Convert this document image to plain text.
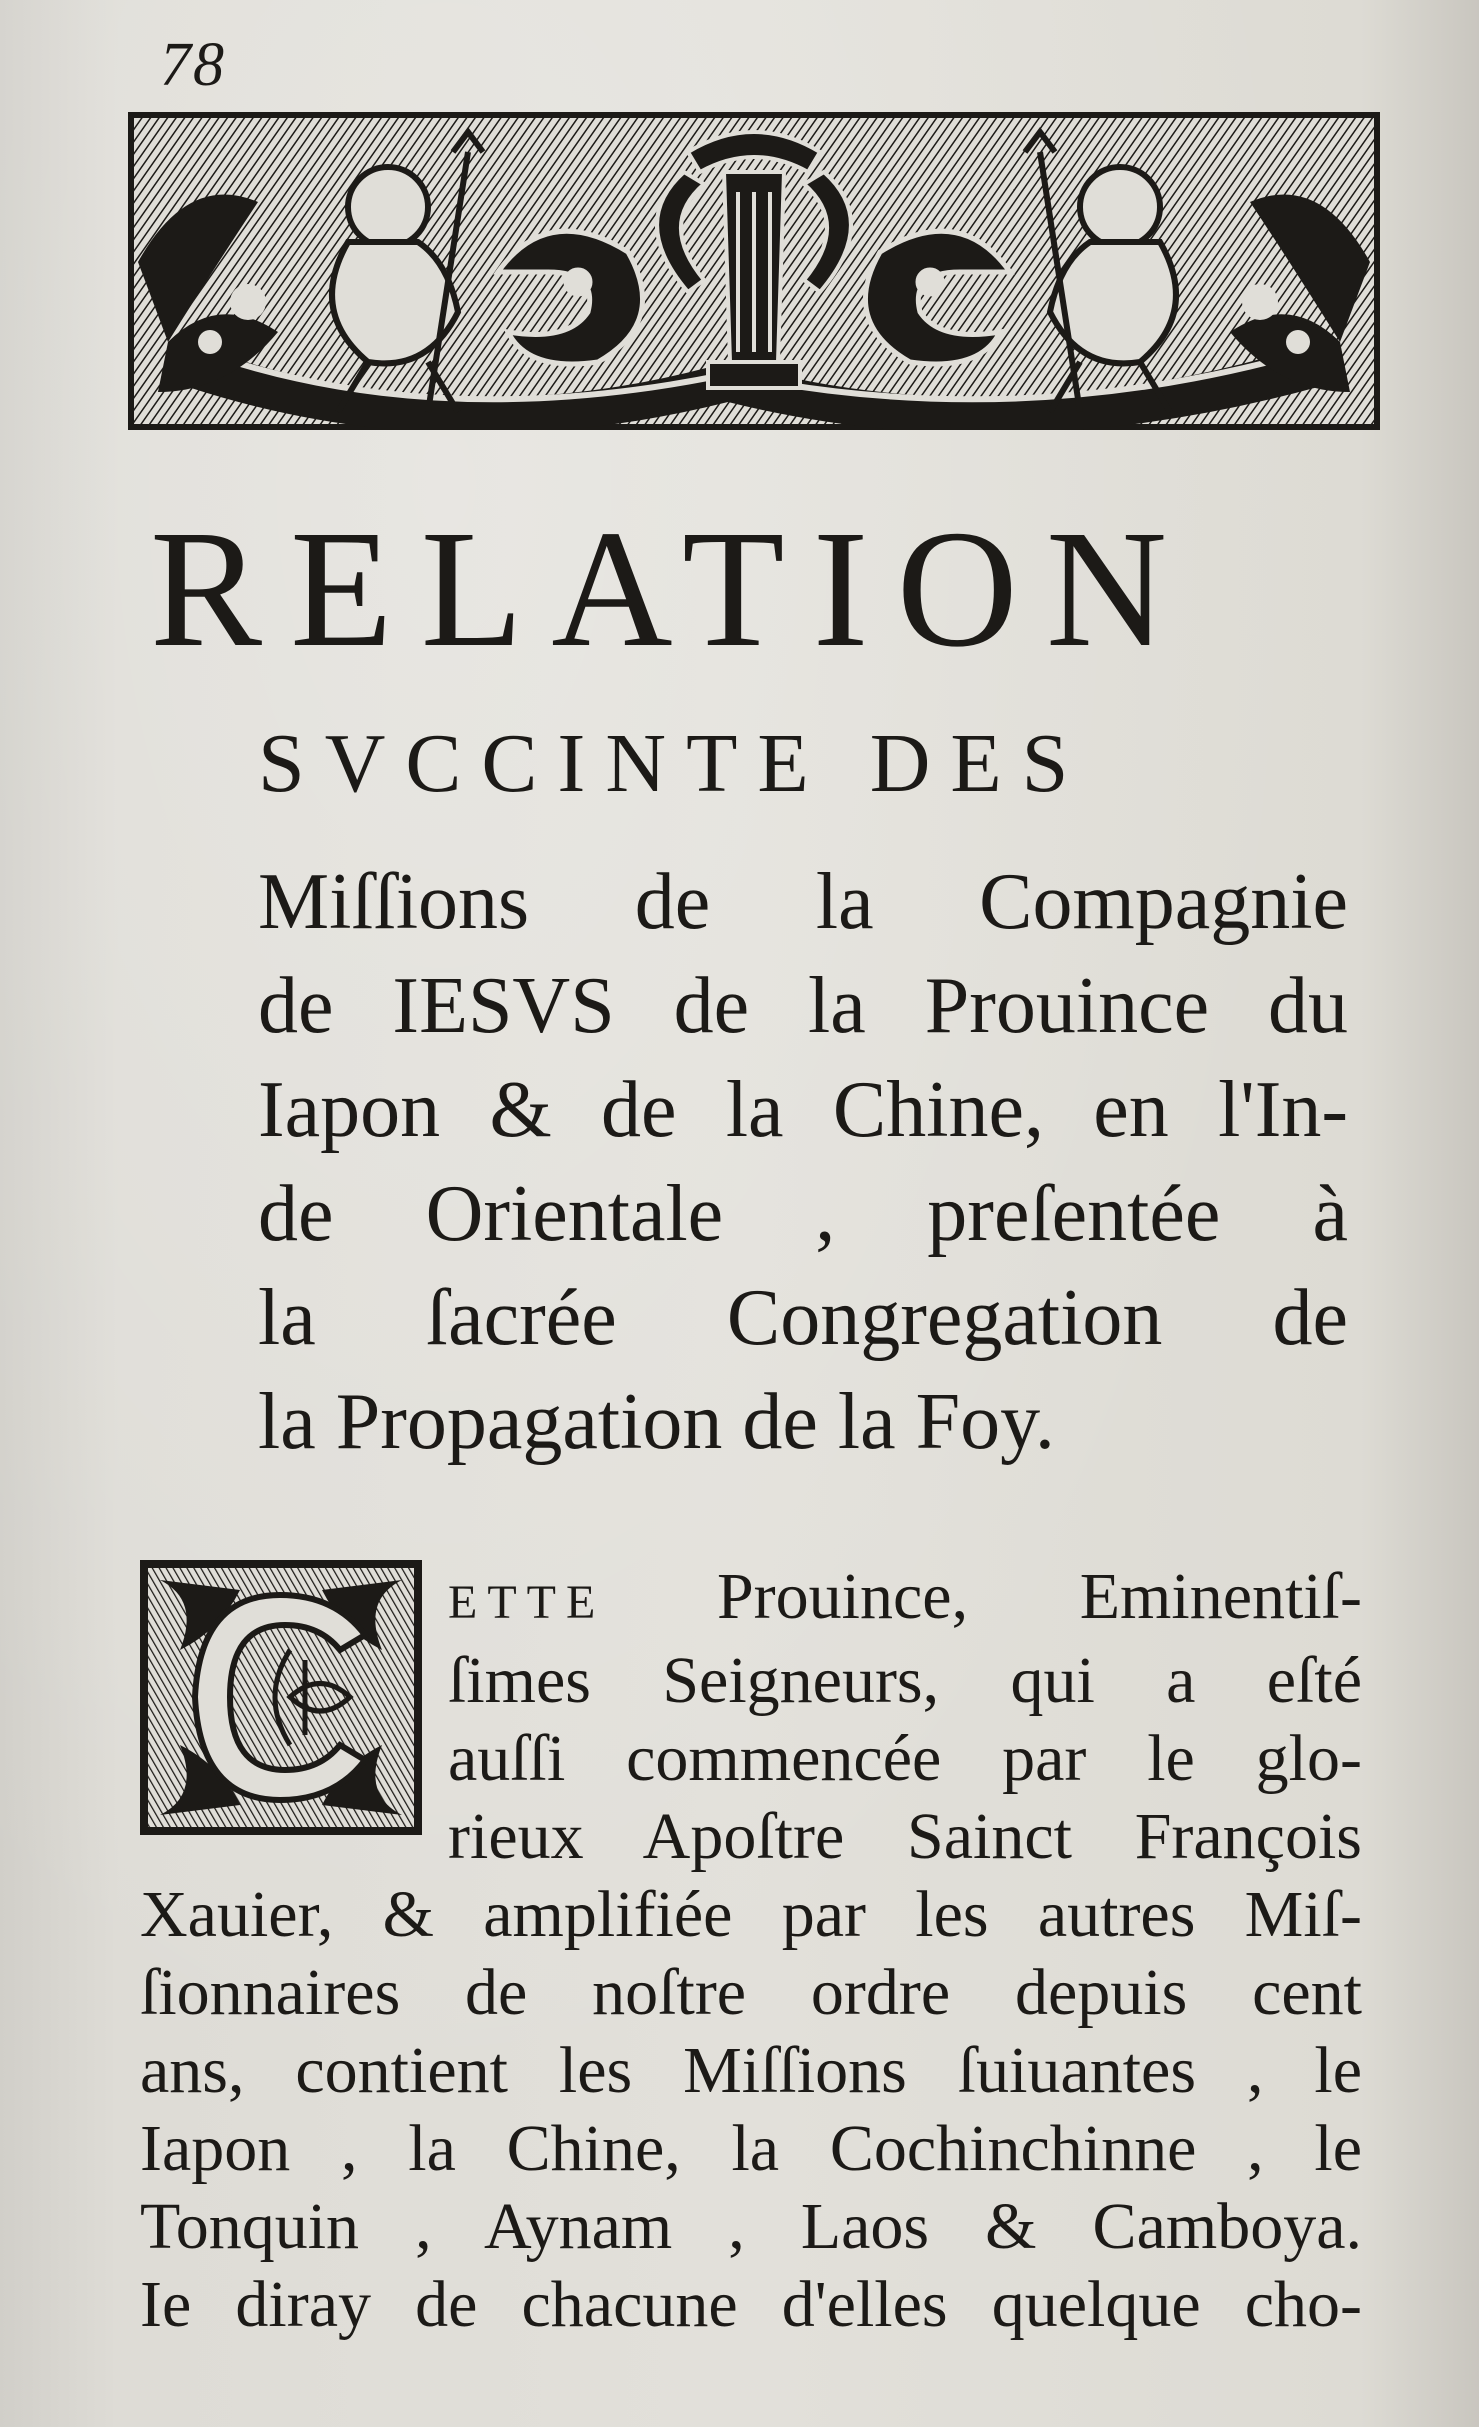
78
RELATION
SVCCINTE DES
Miſſions de la Compagnie
de IESVS de la Prouince du
Iapon & de la Chine, en l'In-
de Orientale , preſentée à
la ſacrée Congregation de
la Propagation de la Foy.
ETTE Prouince, Eminentiſ-
ſimes Seigneurs, qui a eſté
auſſi commencée par le glo-
rieux Apoſtre Sainct François
Xauier, & amplifiée par les autres Miſ-
ſionnaires de noſtre ordre depuis cent
ans, contient les Miſſions ſuiuantes , le
Iapon , la Chine, la Cochinchinne , le
Tonquin , Aynam , Laos & Camboya.
Ie diray de chacune d'elles quelque cho-
